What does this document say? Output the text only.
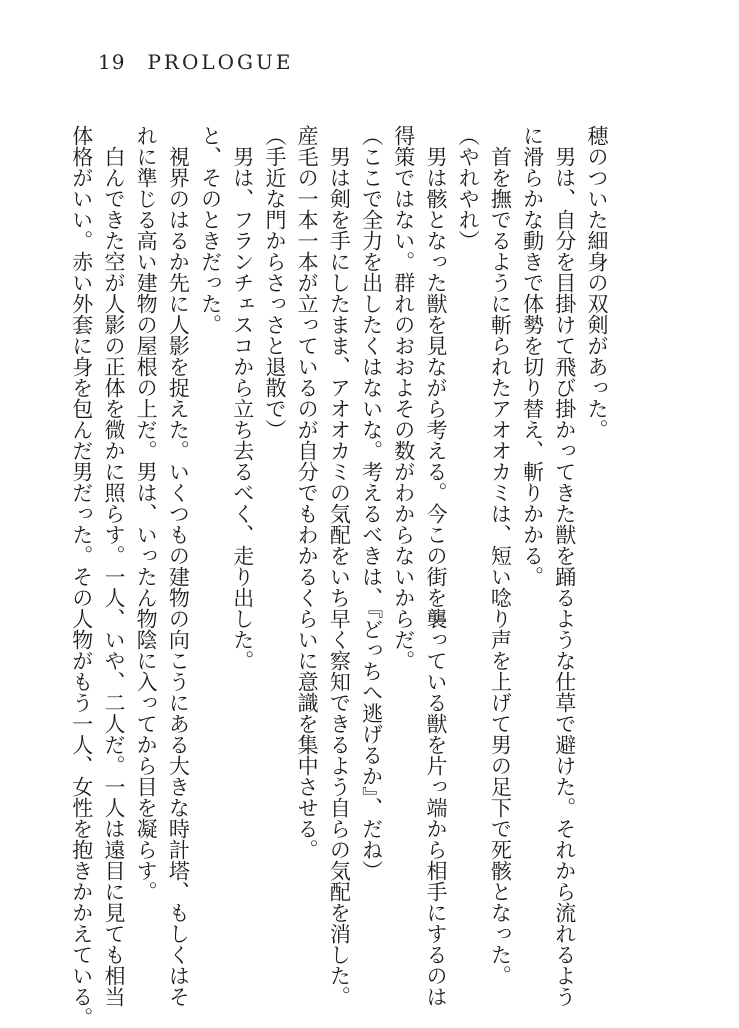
19 PROLOGUE
穂のついた細身の双剣があった。
男は、自分を目掛けて飛び掛かってきた獣を踊るような仕草で避けた。それから流れるよう
に滑らかな動きで体勢を切り替え、斬りかかる。
首を撫でるように斬られたアオオカミは、短い唸り声を上げて男の足下で死骸となった。
（やれやれ）
男は骸となった獣を見ながら考える。今この街を襲っている獣を片っ端から相手にするのは
得策ではない。群れのおおよその数がわからないからだ。
（ここで全力を出したくはないな。考えるべきは、『どっちへ逃げるか』、だね）
男は剣を手にしたまま、アオオカミの気配をいち早く察知できるよう自らの気配を消した。
産毛の一本一本が立っているのが自分でもわかるくらいに意識を集中させる。
（手近な門からさっさと退散で）
男は、フランチェスコから立ち去るべく、走り出した。
と、そのときだった。
視界のはるか先に人影を捉えた。いくつもの建物の向こうにある大きな時計塔、もしくはそ
れに準じる高い建物の屋根の上だ。男は、いったん物陰に入ってから目を凝らす。
白んできた空が人影の正体を微かに照らす。一人、いや、二人だ。一人は遠目に見ても相当
体格がいい。赤い外套に身を包んだ男だった。その人物がもう一人、女性を抱きかかえている。
